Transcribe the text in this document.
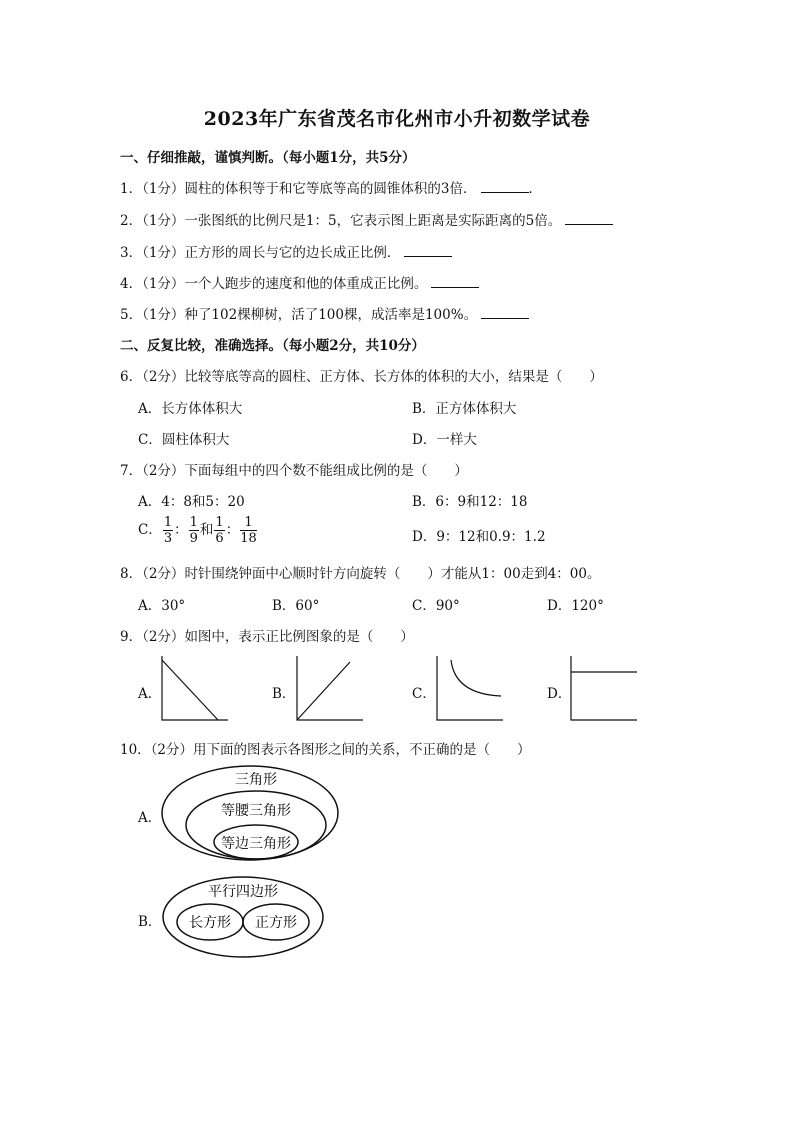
2023年广东省茂名市化州市小升初数学试卷
一、仔细推敲，谨慎判断。（每小题1分，共5分）
1．（1分）圆柱的体积等于和它等底等高的圆锥体积的3倍．	．
2．（1分）一张图纸的比例尺是1：5，它表示图上距离是实际距离的5倍。
3．（1分）正方形的周长与它的边长成正比例．
4．（1分）一个人跑步的速度和他的体重成正比例。
5．（1分）种了102棵柳树，活了100棵，成活率是100%。
二、反复比较，准确选择。（每小题2分，共10分）
6．（2分）比较等底等高的圆柱、正方体、长方体的体积的大小，结果是（　　）
A．长方体体积大	B．正方体体积大
C．圆柱体积大	D．一样大
7．（2分）下面每组中的四个数不能组成比例的是（　　）
A．4：8和5：20	B．6：9和12：18
C． $\frac{1}{3}$ ： $\frac{1}{9}$ 和 $\frac{1}{6}$ ： $\frac{1}{18}$	D．9：12和0.9：1.2
8．（2分）时针围绕钟面中心顺时针方向旋转（　　）才能从1：00走到4：00。
A．30°	B．60°	C．90°	D．120°
9．（2分）如图中，表示正比例图象的是（　　）
A．	B．	C．	D．
10．（2分）用下面的图表示各图形之间的关系，不正确的是（　　）
A．
三角形
等腰三角形
等边三角形
B．
平行四边形
长方形 正方形
